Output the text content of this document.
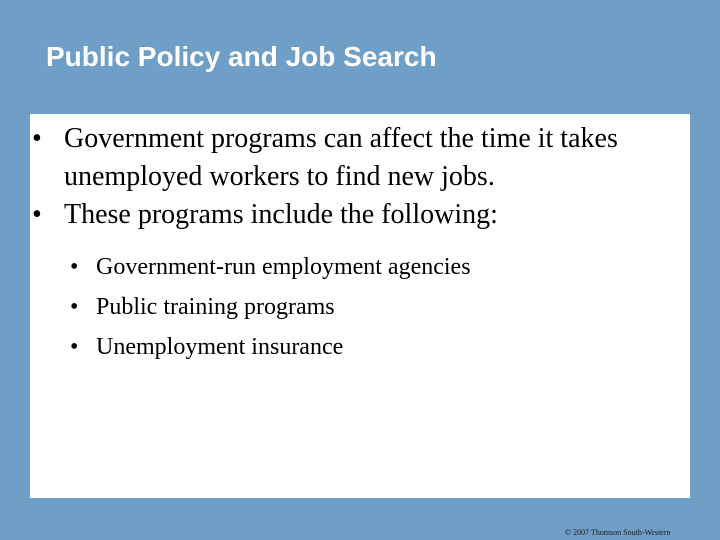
Public Policy and Job Search
• Government programs can affect the time it takes unemployed workers to find new jobs.
• These programs include the following:
• Government-run employment agencies
• Public training programs
• Unemployment insurance
© 2007 Thomson South-Western
